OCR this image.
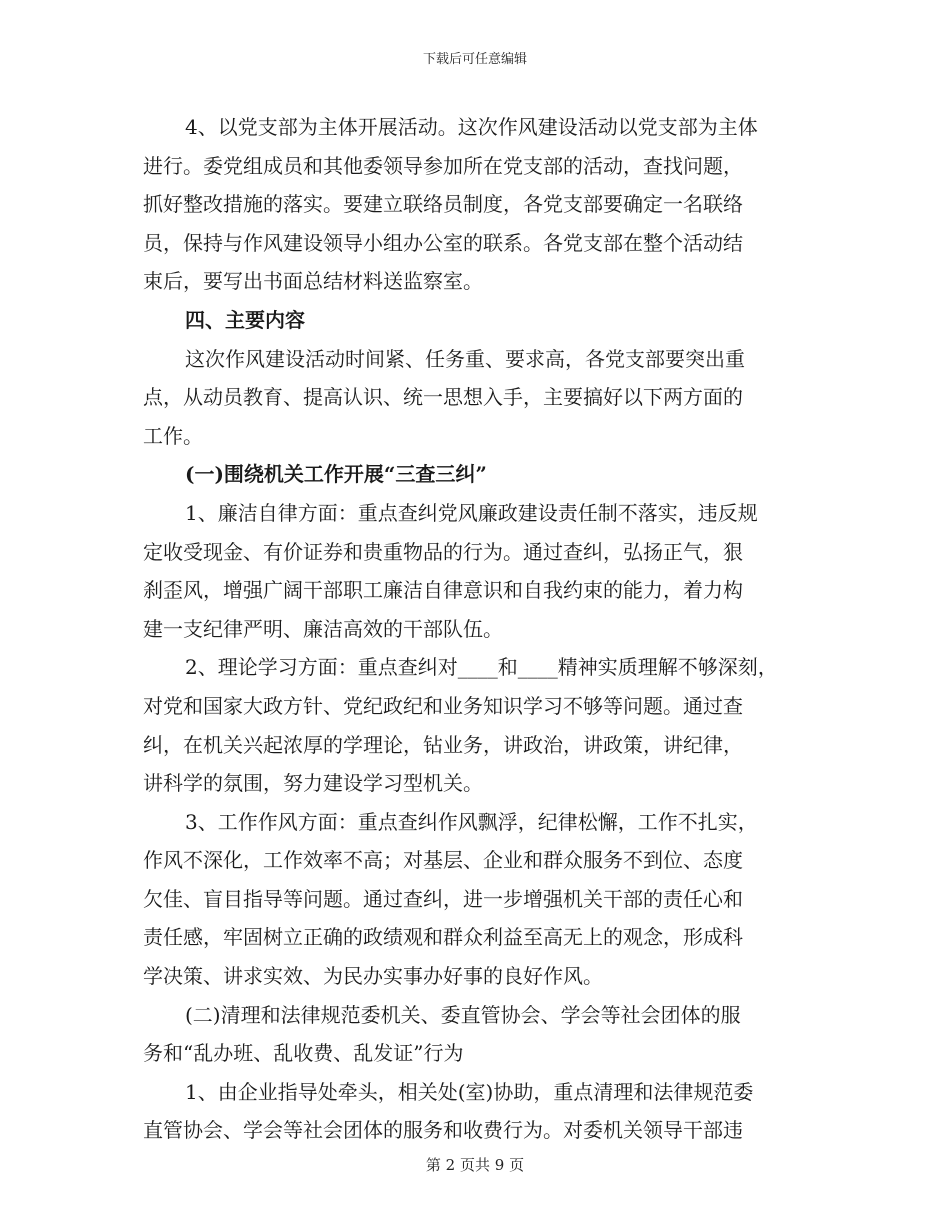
下载后可任意编辑
4、以党支部为主体开展活动。这次作风建设活动以党支部为主体
进行。委党组成员和其他委领导参加所在党支部的活动，查找问题，
抓好整改措施的落实。要建立联络员制度，各党支部要确定一名联络
员，保持与作风建设领导小组办公室的联系。各党支部在整个活动结
束后，要写出书面总结材料送监察室。
四、主要内容
这次作风建设活动时间紧、任务重、要求高，各党支部要突出重
点，从动员教育、提高认识、统一思想入手，主要搞好以下两方面的
工作。
(一)围绕机关工作开展“三查三纠”
1、廉洁自律方面：重点查纠党风廉政建设责任制不落实，违反规
定收受现金、有价证券和贵重物品的行为。通过查纠，弘扬正气，狠
刹歪风，增强广阔干部职工廉洁自律意识和自我约束的能力，着力构
建一支纪律严明、廉洁高效的干部队伍。
2、理论学习方面：重点查纠对____和____精神实质理解不够深刻，
对党和国家大政方针、党纪政纪和业务知识学习不够等问题。通过查
纠，在机关兴起浓厚的学理论，钻业务，讲政治，讲政策，讲纪律，
讲科学的氛围，努力建设学习型机关。
3、工作作风方面：重点查纠作风飘浮，纪律松懈，工作不扎实，
作风不深化，工作效率不高；对基层、企业和群众服务不到位、态度
欠佳、盲目指导等问题。通过查纠，进一步增强机关干部的责任心和
责任感，牢固树立正确的政绩观和群众利益至高无上的观念，形成科
学决策、讲求实效、为民办实事办好事的良好作风。
(二)清理和法律规范委机关、委直管协会、学会等社会团体的服
务和“乱办班、乱收费、乱发证”行为
1、由企业指导处牵头，相关处(室)协助，重点清理和法律规范委
直管协会、学会等社会团体的服务和收费行为。对委机关领导干部违
第 2 页共 9 页
